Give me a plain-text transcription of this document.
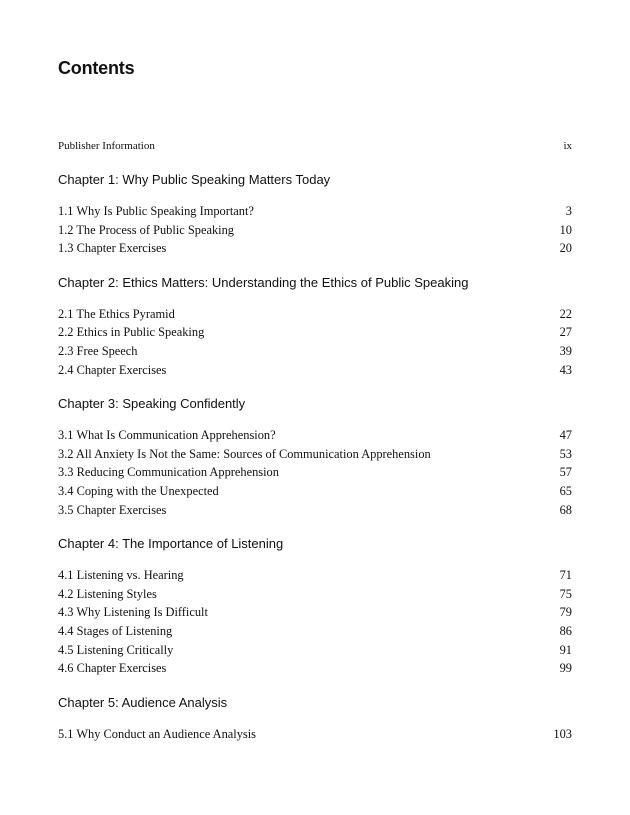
Contents
Publisher Information	ix
Chapter 1: Why Public Speaking Matters Today
1.1 Why Is Public Speaking Important?	3
1.2 The Process of Public Speaking	10
1.3 Chapter Exercises	20
Chapter 2: Ethics Matters: Understanding the Ethics of Public Speaking
2.1 The Ethics Pyramid	22
2.2 Ethics in Public Speaking	27
2.3 Free Speech	39
2.4 Chapter Exercises	43
Chapter 3: Speaking Confidently
3.1 What Is Communication Apprehension?	47
3.2 All Anxiety Is Not the Same: Sources of Communication Apprehension	53
3.3 Reducing Communication Apprehension	57
3.4 Coping with the Unexpected	65
3.5 Chapter Exercises	68
Chapter 4: The Importance of Listening
4.1 Listening vs. Hearing	71
4.2 Listening Styles	75
4.3 Why Listening Is Difficult	79
4.4 Stages of Listening	86
4.5 Listening Critically	91
4.6 Chapter Exercises	99
Chapter 5: Audience Analysis
5.1 Why Conduct an Audience Analysis	103
